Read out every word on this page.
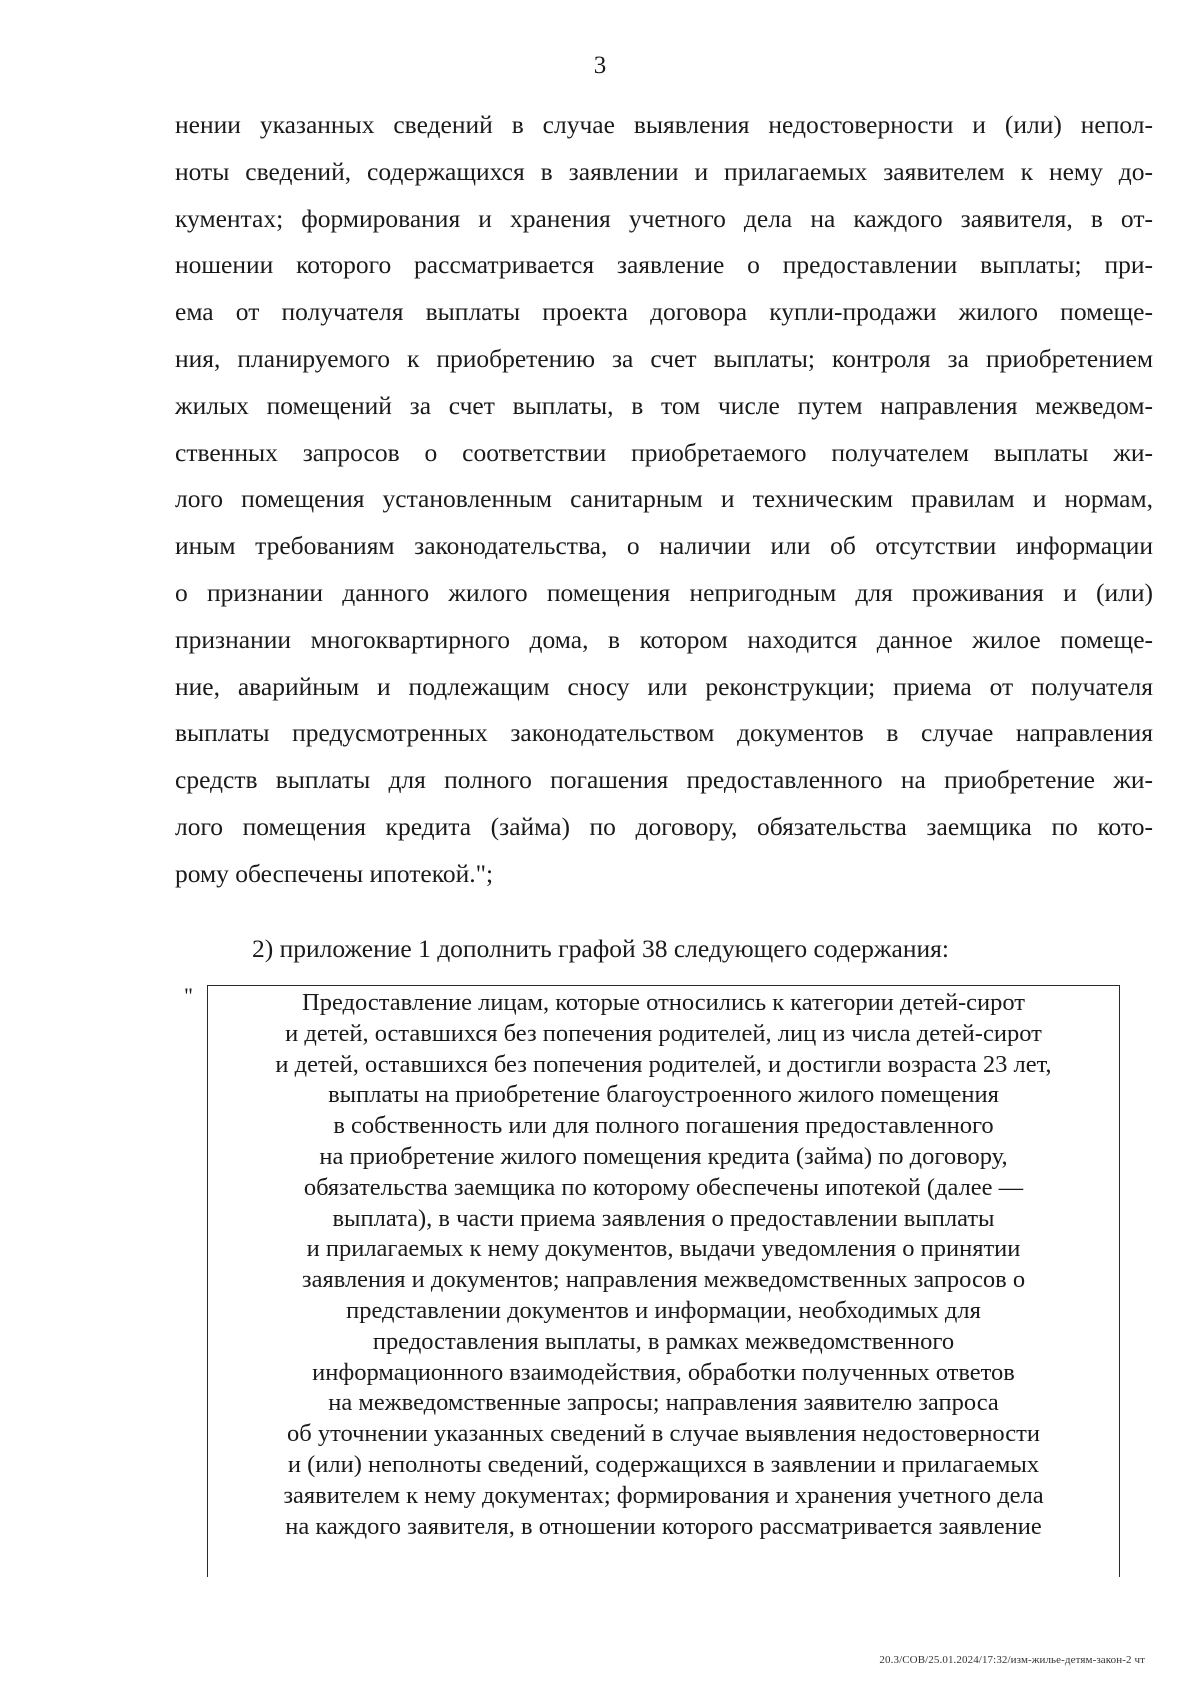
3
нении указанных сведений в случае выявления недостоверности и (или) непол-
ноты сведений, содержащихся в заявлении и прилагаемых заявителем к нему до-
кументах; формирования и хранения учетного дела на каждого заявителя, в от-
ношении которого рассматривается заявление о предоставлении выплаты; при-
ема от получателя выплаты проекта договора купли-продажи жилого помеще-
ния, планируемого к приобретению за счет выплаты; контроля за приобретением
жилых помещений за счет выплаты, в том числе путем направления межведом-
ственных запросов о соответствии приобретаемого получателем выплаты жи-
лого помещения установленным санитарным и техническим правилам и нормам,
иным требованиям законодательства, о наличии или об отсутствии информации
о признании данного жилого помещения непригодным для проживания и (или)
признании многоквартирного дома, в котором находится данное жилое помеще-
ние, аварийным и подлежащим сносу или реконструкции; приема от получателя
выплаты предусмотренных законодательством документов в случае направления
средств выплаты для полного погашения предоставленного на приобретение жи-
лого помещения кредита (займа) по договору, обязательства заемщика по кото-
рому обеспечены ипотекой.";
2) приложение 1 дополнить графой 38 следующего содержания:
"	Предоставление лицам, которые относились к категории детей-сирот
и детей, оставшихся без попечения родителей, лиц из числа детей-сирот
и детей, оставшихся без попечения родителей, и достигли возраста 23 лет,
выплаты на приобретение благоустроенного жилого помещения
в собственность или для полного погашения предоставленного
на приобретение жилого помещения кредита (займа) по договору,
обязательства заемщика по которому обеспечены ипотекой (далее —
выплата), в части приема заявления о предоставлении выплаты
и прилагаемых к нему документов, выдачи уведомления о принятии
заявления и документов; направления межведомственных запросов о
представлении документов и информации, необходимых для
предоставления выплаты, в рамках межведомственного
информационного взаимодействия, обработки полученных ответов
на межведомственные запросы; направления заявителю запроса
об уточнении указанных сведений в случае выявления недостоверности
и (или) неполноты сведений, содержащихся в заявлении и прилагаемых
заявителем к нему документах; формирования и хранения учетного дела
на каждого заявителя, в отношении которого рассматривается заявление
20.3/СОВ/25.01.2024/17:32/изм-жилье-детям-закон-2 чт
